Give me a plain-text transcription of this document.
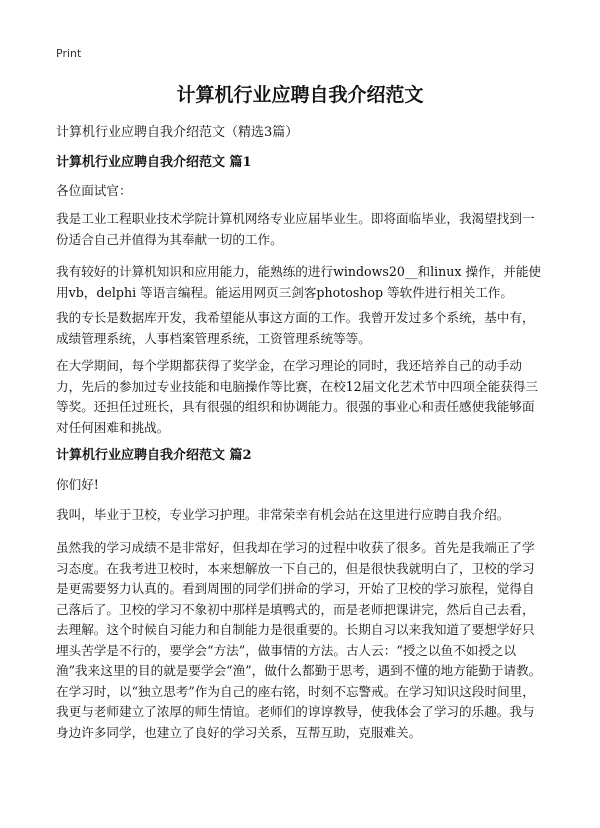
Print
计算机行业应聘自我介绍范文

计算机行业应聘自我介绍范文（精选3篇）

计算机行业应聘自我介绍范文 篇1

各位面试官：

我是工业工程职业技术学院计算机网络专业应届毕业生。即将面临毕业，我渴望找到一份适合自己并值得为其奉献一切的工作。

我有较好的计算机知识和应用能力，能熟练的进行windows20__和linux 操作，并能使用vb，delphi 等语言编程。能运用网页三剑客photoshop 等软件进行相关工作。

我的专长是数据库开发，我希望能从事这方面的工作。我曾开发过多个系统，基中有，成绩管理系统，人事档案管理系统，工资管理系统等等。

在大学期间，每个学期都获得了奖学金，在学习理论的同时，我还培养自己的动手动力，先后的参加过专业技能和电脑操作等比赛，在校12届文化艺术节中四项全能获得三等奖。还担任过班长，具有很强的组织和协调能力。很强的事业心和责任感使我能够面对任何困难和挑战。

计算机行业应聘自我介绍范文 篇2

你们好!

我叫，毕业于卫校，专业学习护理。非常荣幸有机会站在这里进行应聘自我介绍。

虽然我的学习成绩不是非常好，但我却在学习的过程中收获了很多。首先是我端正了学习态度。在我考进卫校时，本来想解放一下自己的，但是很快我就明白了，卫校的学习是更需要努力认真的。看到周围的同学们拼命的学习，开始了卫校的学习旅程，觉得自己落后了。卫校的学习不象初中那样是填鸭式的，而是老师把课讲完，然后自己去看，去理解。这个时候自习能力和自制能力是很重要的。长期自习以来我知道了要想学好只埋头苦学是不行的，要学会“方法”，做事情的方法。古人云：“授之以鱼不如授之以渔”我来这里的目的就是要学会“渔”，做什么都勤于思考，遇到不懂的地方能勤于请教。在学习时，以“独立思考”作为自己的座右铭，时刻不忘警戒。在学习知识这段时间里，我更与老师建立了浓厚的师生情谊。老师们的谆谆教导，使我体会了学习的乐趣。我与身边许多同学，也建立了良好的学习关系，互帮互助，克服难关。
